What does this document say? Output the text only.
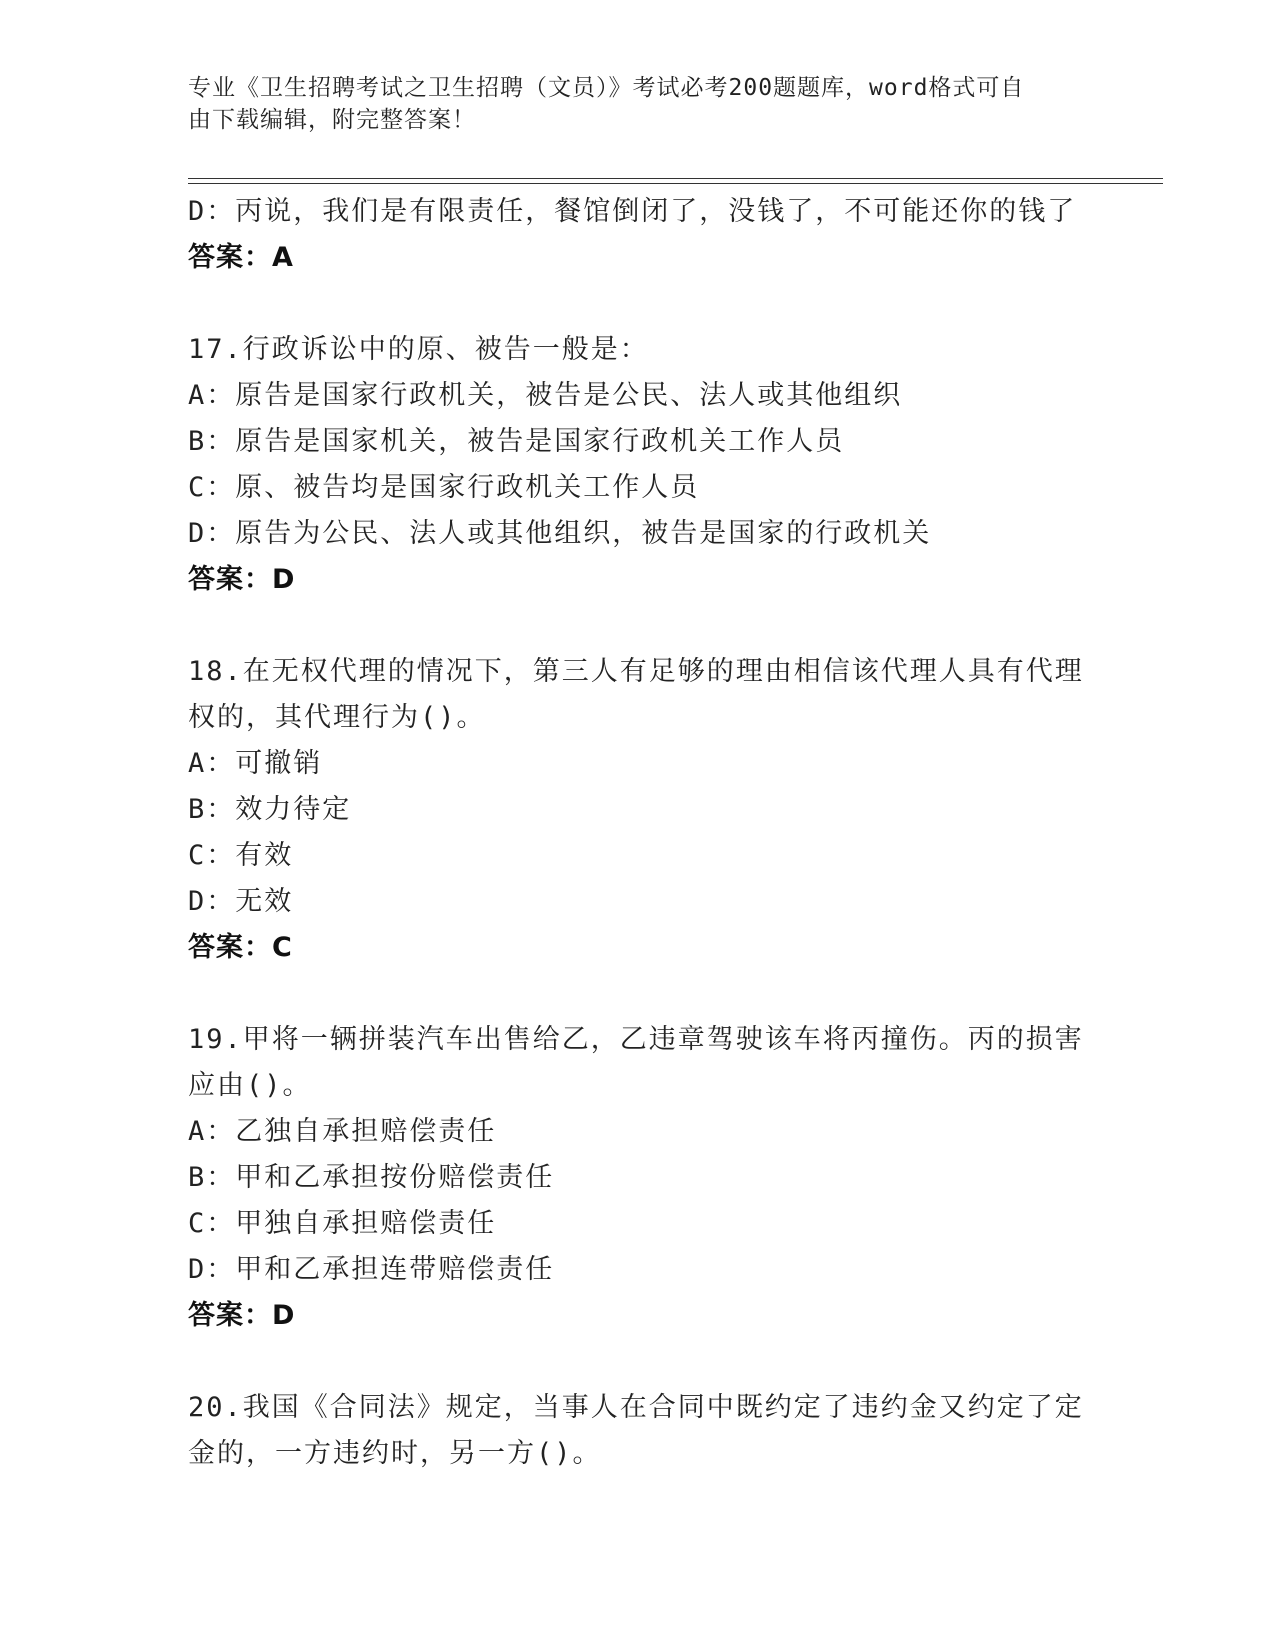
专业《卫生招聘考试之卫生招聘（文员）》考试必考200题题库，word格式可自
由下载编辑，附完整答案！
D：丙说，我们是有限责任，餐馆倒闭了，没钱了，不可能还你的钱了
答案：A
17.行政诉讼中的原、被告一般是：
A：原告是国家行政机关，被告是公民、法人或其他组织
B：原告是国家机关，被告是国家行政机关工作人员
C：原、被告均是国家行政机关工作人员
D：原告为公民、法人或其他组织，被告是国家的行政机关
答案：D
18.在无权代理的情况下，第三人有足够的理由相信该代理人具有代理
权的，其代理行为()。
A：可撤销
B：效力待定
C：有效
D：无效
答案：C
19.甲将一辆拼装汽车出售给乙，乙违章驾驶该车将丙撞伤。丙的损害
应由()。
A：乙独自承担赔偿责任
B：甲和乙承担按份赔偿责任
C：甲独自承担赔偿责任
D：甲和乙承担连带赔偿责任
答案：D
20.我国《合同法》规定，当事人在合同中既约定了违约金又约定了定
金的，一方违约时，另一方()。
